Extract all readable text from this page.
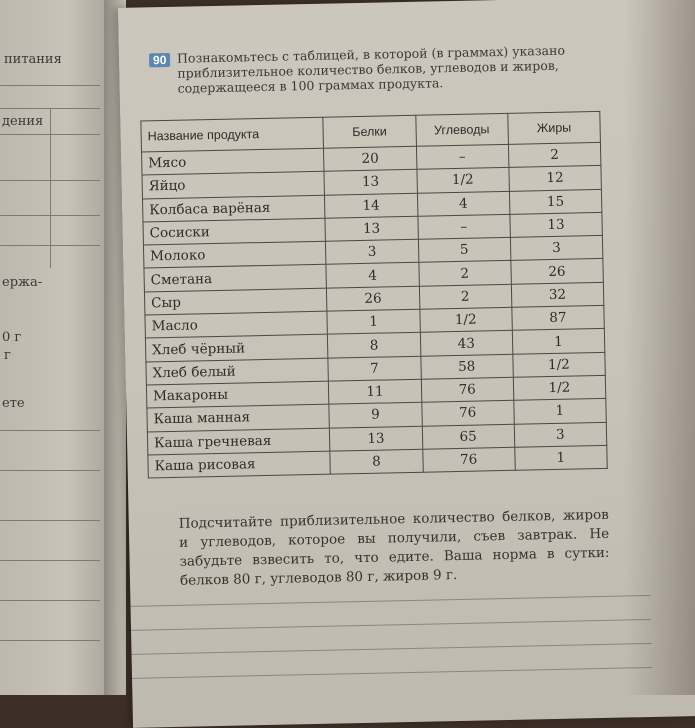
питания
дения
ержа-
0 г
г
ете
90 Познакомьтесь с таблицей, в которой (в граммах) указано приблизительное количество белков, углеводов и жиров, содержащееся в 100 граммах продукта.
Название продукта	Белки	Углеводы	Жиры
Мясо	20	–	2
Яйцо	13	1/2	12
Колбаса варёная	14	4	15
Сосиски	13	–	13
Молоко	3	5	3
Сметана	4	2	26
Сыр	26	2	32
Масло	1	1/2	87
Хлеб чёрный	8	43	1
Хлеб белый	7	58	1/2
Макароны	11	76	1/2
Каша манная	9	76	1
Каша гречневая	13	65	3
Каша рисовая	8	76	1
Подсчитайте приблизительное количество белков, жиров и углеводов, которое вы получили, съев завтрак. Не забудьте взвесить то, что едите. Ваша норма в сутки: белков 80 г, углеводов 80 г, жиров 9 г.
